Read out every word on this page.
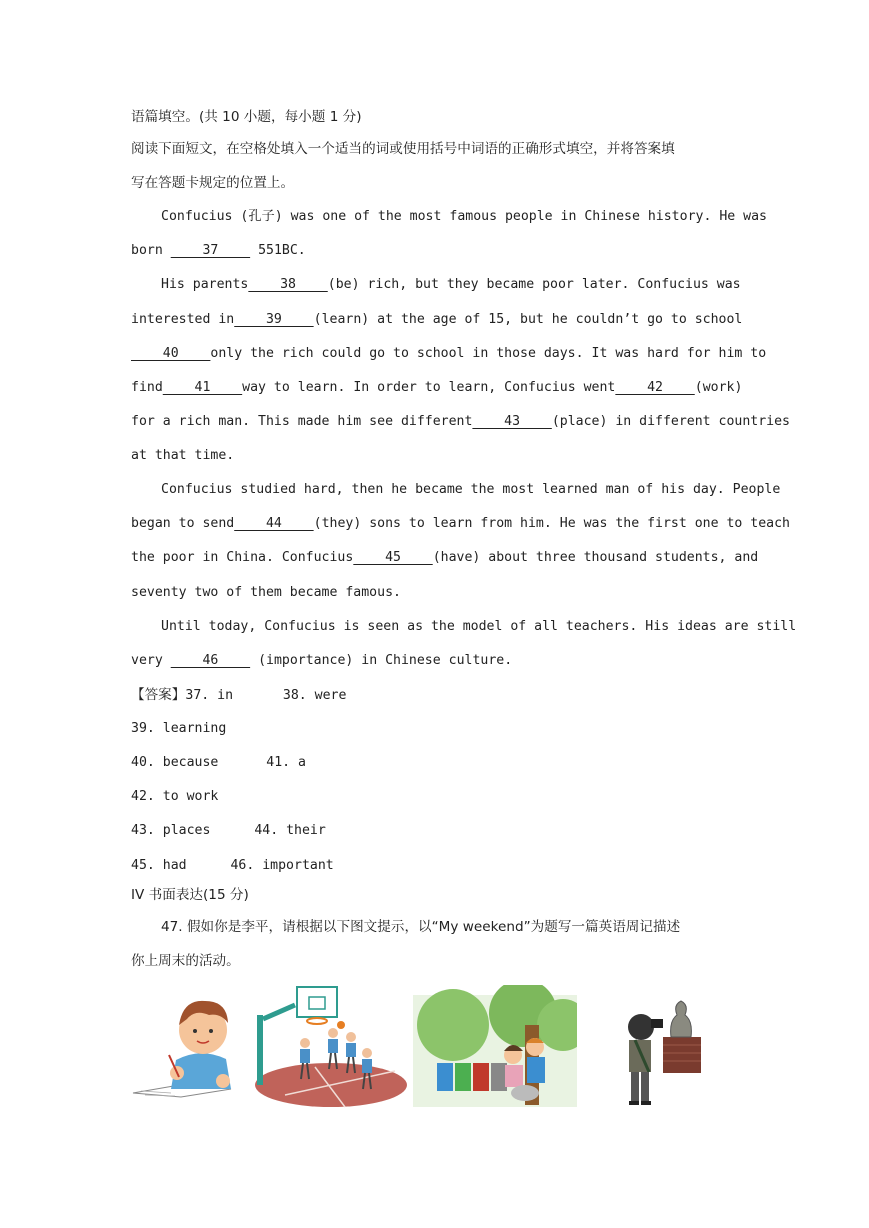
语篇填空。(共 10 小题，每小题 1 分)
阅读下面短文，在空格处填入一个适当的词或使用括号中词语的正确形式填空，并将答案填
写在答题卡规定的位置上。
Confucius (孔子) was one of the most famous people in Chinese history. He was
born     37     551BC.
His parents 38 (be) rich, but they became poor later. Confucius was
interested in 39 (learn) at the age of 15, but he couldn’t go to school
40 only the rich could go to school in those days. It was hard for him to
find 41 way to learn. In order to learn, Confucius went 42 (work)
for a rich man. This made him see different 43 (place) in different countries
at that time.
Confucius studied hard, then he became the most learned man of his day. People
began to send 44 (they) sons to learn from him. He was the first one to teach
the poor in China. Confucius 45 (have) about three thousand students, and
seventy two of them became famous.
Until today, Confucius is seen as the model of all teachers. His ideas are still
very     46     (importance) in Chinese culture.
【答案】37. in	38. were
39. learning
40. because	41. a
42. to work
43. places	44. their
45. had	46. important
IV 书面表达(15 分)
47. 假如你是李平，请根据以下图文提示，以“My weekend”为题写一篇英语周记描述
你上周末的活动。
